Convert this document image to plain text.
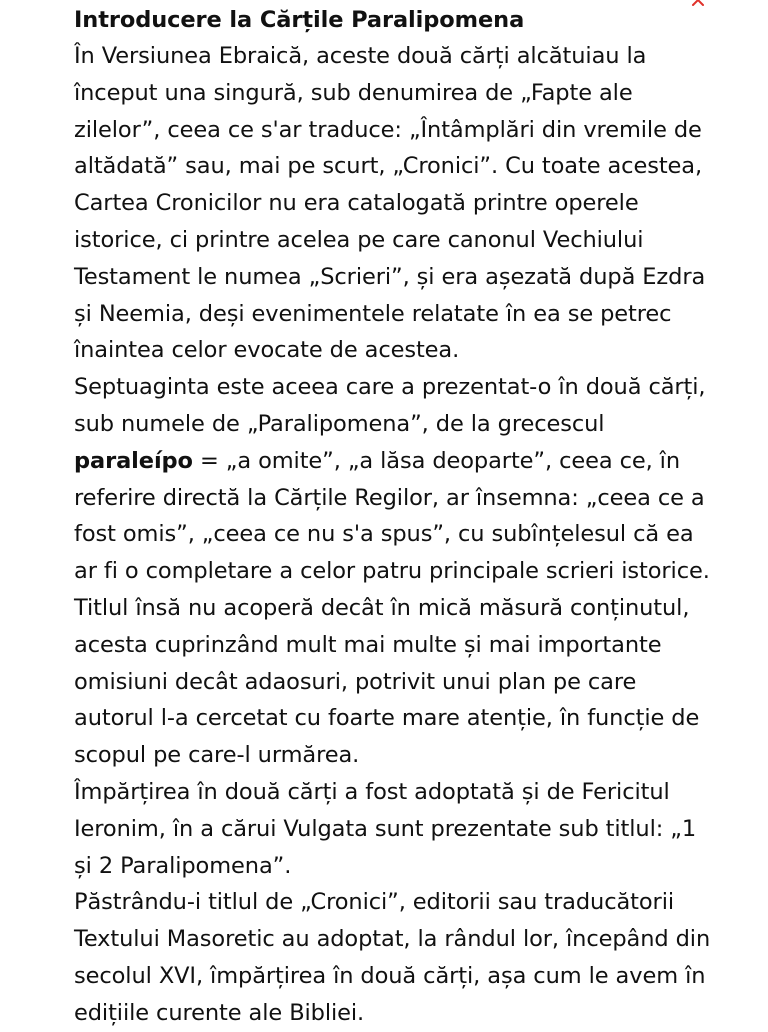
Introducere la Cărțile Paralipomena

În Versiunea Ebraică, aceste două cărți alcătuiau la început una singură, sub denumirea de „Fapte ale zilelor”, ceea ce s'ar traduce: „Întâmplări din vremile de altădată” sau, mai pe scurt, „Cronici”. Cu toate acestea, Cartea Cronicilor nu era catalogată printre operele istorice, ci printre acelea pe care canonul Vechiului Testament le numea „Scrieri”, și era așezată după Ezdra și Neemia, deși evenimentele relatate în ea se petrec înaintea celor evocate de acestea.

Septuaginta este aceea care a prezentat-o în două cărți, sub numele de „Paralipomena”, de la grecescul paraleípo = „a omite”, „a lăsa deoparte”, ceea ce, în referire directă la Cărțile Regilor, ar însemna: „ceea ce a fost omis”, „ceea ce nu s'a spus”, cu subînțelesul că ea ar fi o completare a celor patru principale scrieri istorice. Titlul însă nu acoperă decât în mică măsură conținutul, acesta cuprinzând mult mai multe și mai importante omisiuni decât adaosuri, potrivit unui plan pe care autorul l-a cercetat cu foarte mare atenție, în funcție de scopul pe care-l urmărea.

Împărțirea în două cărți a fost adoptată și de Fericitul Ieronim, în a cărui Vulgata sunt prezentate sub titlul: „1 și 2 Paralipomena”.

Păstrându-i titlul de „Cronici”, editorii sau traducătorii Textului Masoretic au adoptat, la rândul lor, începând din secolul XVI, împărțirea în două cărți, așa cum le avem în edițiile curente ale Bibliei.
